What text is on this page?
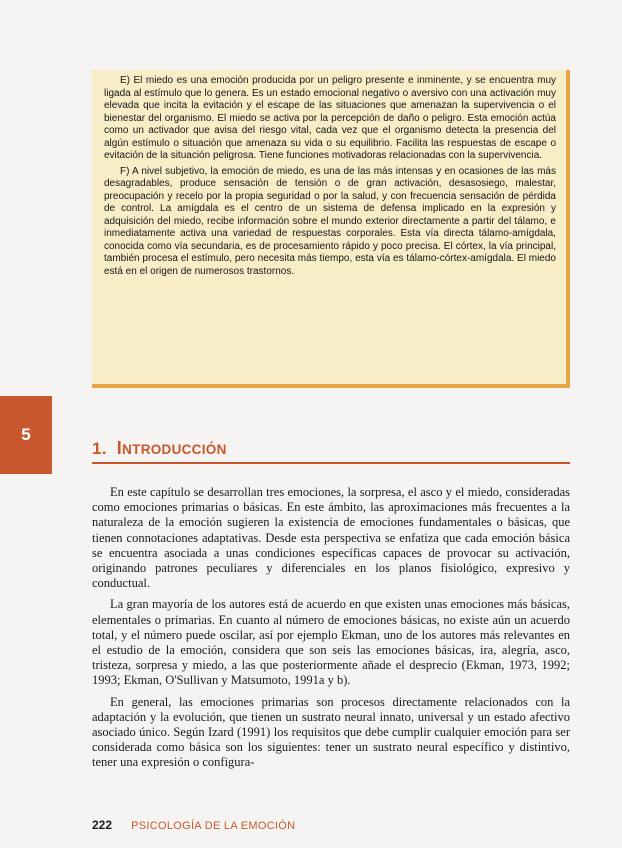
E) El miedo es una emoción producida por un peligro presente e inminente, y se encuentra muy ligada al estímulo que lo genera. Es un estado emocional negativo o aversivo con una activación muy elevada que incita la evitación y el escape de las situaciones que amenazan la supervivencia o el bienestar del organismo. El miedo se activa por la percepción de daño o peligro. Esta emoción actúa como un activador que avisa del riesgo vital, cada vez que el organismo detecta la presencia del algún estímulo o situación que amenaza su vida o su equilibrio. Facilita las respuestas de escape o evitación de la situación peligrosa. Tiene funciones motivadoras relacionadas con la supervivencia.

F) A nivel subjetivo, la emoción de miedo, es una de las más intensas y en ocasiones de las más desagradables, produce sensación de tensión o de gran activación, desasosiego, malestar, preocupación y recelo por la propia seguridad o por la salud, y con frecuencia sensación de pérdida de control. La amígdala es el centro de un sistema de defensa implicado en la expresión y adquisición del miedo, recibe información sobre el mundo exterior directamente a partir del tálamo, e inmediatamente activa una variedad de respuestas corporales. Esta vía directa tálamo-amígdala, conocida como vía secundaria, es de procesamiento rápido y poco precisa. El córtex, la vía principal, también procesa el estímulo, pero necesita más tiempo, esta vía es tálamo-córtex-amígdala. El miedo está en el origen de numerosos trastornos.

5
1. INTRODUCCIÓN

En este capítulo se desarrollan tres emociones, la sorpresa, el asco y el miedo, consideradas como emociones primarias o básicas. En este ámbito, las aproximaciones más frecuentes a la naturaleza de la emoción sugieren la existencia de emociones fundamentales o básicas, que tienen connotaciones adaptativas. Desde esta perspectiva se enfatiza que cada emoción básica se encuentra asociada a unas condiciones específicas capaces de provocar su activación, originando patrones peculiares y diferenciales en los planos fisiológico, expresivo y conductual.

La gran mayoría de los autores está de acuerdo en que existen unas emociones más básicas, elementales o primarias. En cuanto al número de emociones básicas, no existe aún un acuerdo total, y el número puede oscilar, así por ejemplo Ekman, uno de los autores más relevantes en el estudio de la emoción, considera que son seis las emociones básicas, ira, alegría, asco, tristeza, sorpresa y miedo, a las que posteriormente añade el desprecio (Ekman, 1973, 1992; 1993; Ekman, O'Sullivan y Matsumoto, 1991a y b).

En general, las emociones primarias son procesos directamente relacionados con la adaptación y la evolución, que tienen un sustrato neural innato, universal y un estado afectivo asociado único. Según Izard (1991) los requisitos que debe cumplir cualquier emoción para ser considerada como básica son los siguientes: tener un sustrato neural específico y distintivo, tener una expresión o configura-

222 PSICOLOGÍA DE LA EMOCIÓN
